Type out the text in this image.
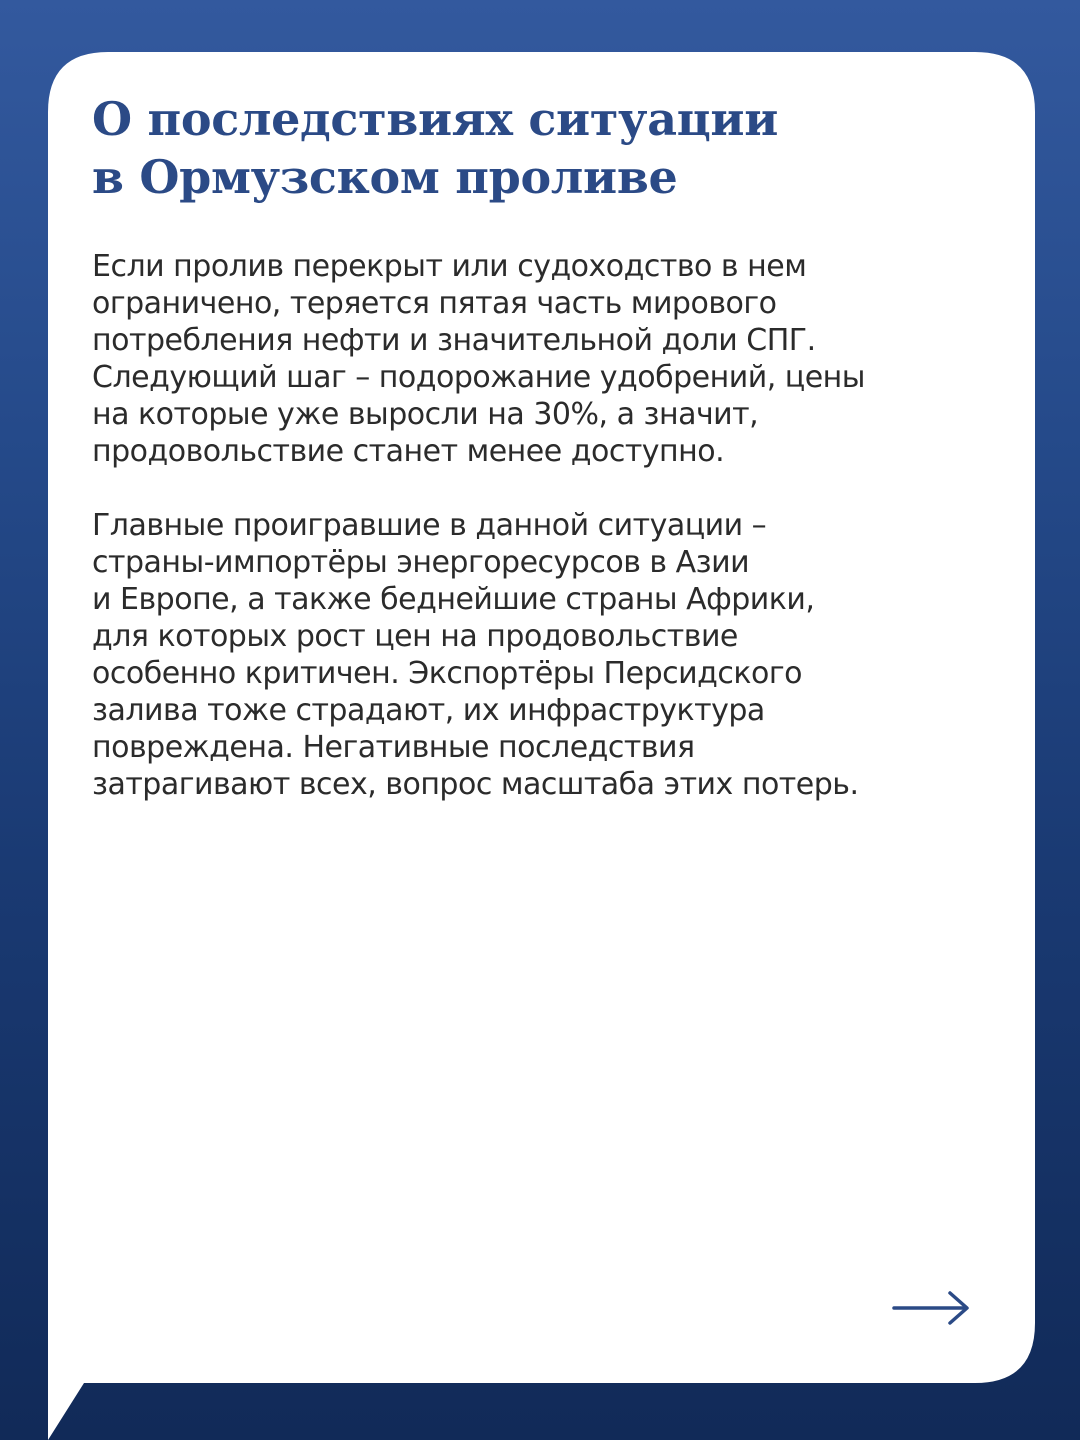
О последствиях ситуации
в Ормузском проливе

Если пролив перекрыт или судоходство в нем
ограничено, теряется пятая часть мирового
потребления нефти и значительной доли СПГ.
Следующий шаг – подорожание удобрений, цены
на которые уже выросли на 30%, а значит,
продовольствие станет менее доступно.

Главные проигравшие в данной ситуации –
страны-импортёры энергоресурсов в Азии
и Европе, а также беднейшие страны Африки,
для которых рост цен на продовольствие
особенно критичен. Экспортёры Персидского
залива тоже страдают, их инфраструктура
повреждена. Негативные последствия
затрагивают всех, вопрос масштаба этих потерь.
